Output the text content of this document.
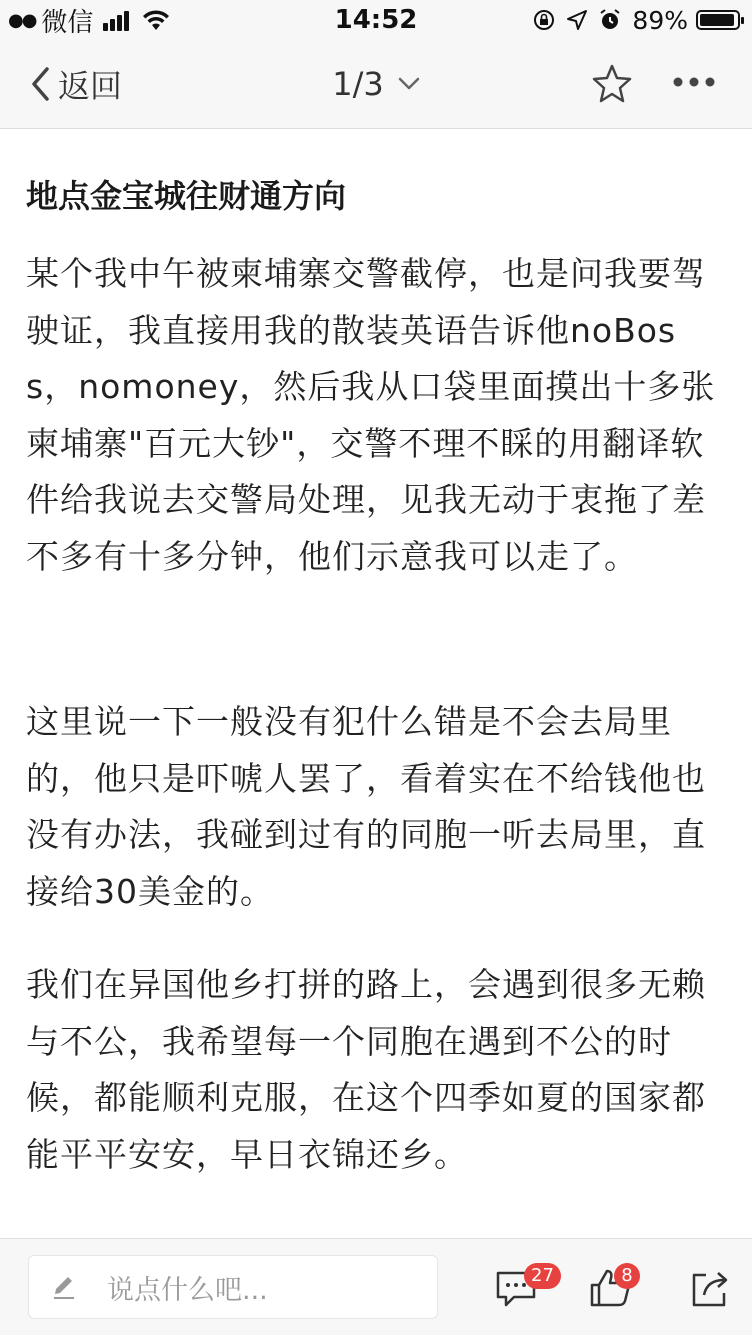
●● 微信	14:52	89%
返回	1/3
地点金宝城往财通方向

某个我中午被柬埔寨交警截停，也是问我要驾驶证，我直接用我的散装英语告诉他noBoss，nomoney，然后我从口袋里面摸出十多张柬埔寨"百元大钞"，交警不理不睬的用翻译软件给我说去交警局处理，见我无动于衷拖了差不多有十多分钟，他们示意我可以走了。

这里说一下一般没有犯什么错是不会去局里的，他只是吓唬人罢了，看着实在不给钱他也没有办法，我碰到过有的同胞一听去局里，直接给30美金的。

我们在异国他乡打拼的路上，会遇到很多无赖与不公，我希望每一个同胞在遇到不公的时候，都能顺利克服，在这个四季如夏的国家都能平平安安，早日衣锦还乡。

说点什么吧...	27	8
